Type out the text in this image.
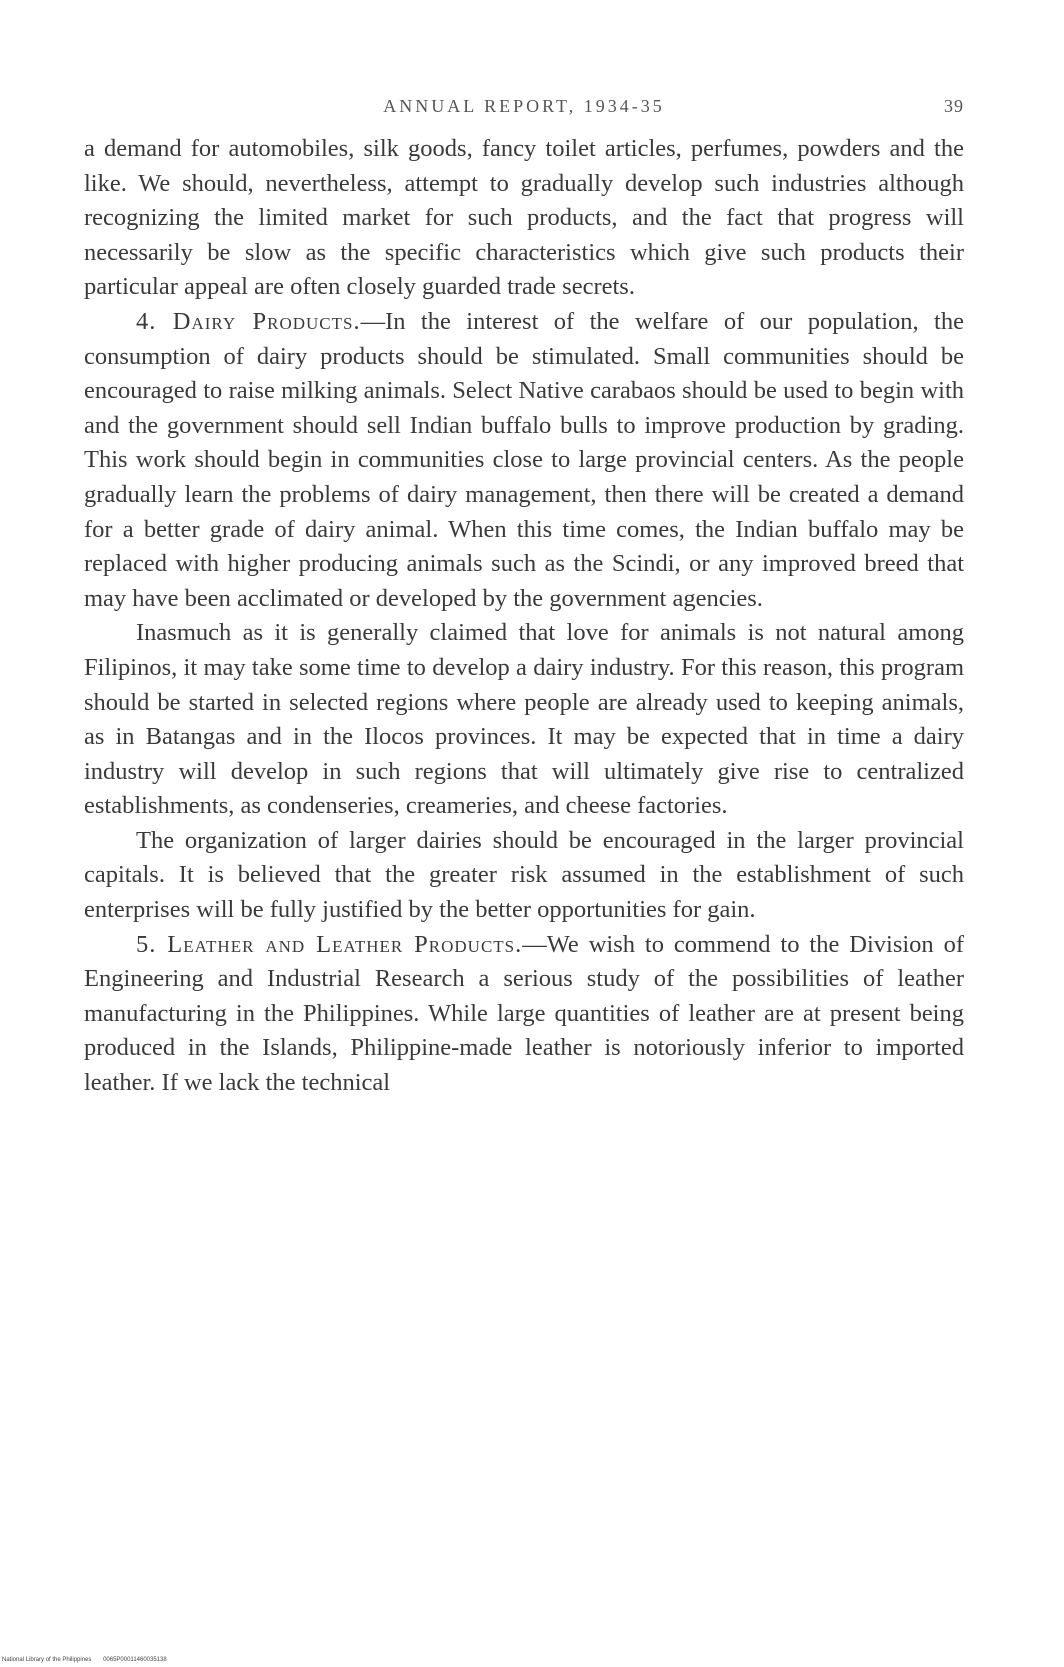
ANNUAL REPORT, 1934-35	39

a demand for automobiles, silk goods, fancy toilet articles, perfumes, powders and the like. We should, nevertheless, attempt to gradually develop such industries although recognizing the limited market for such products, and the fact that progress will necessarily be slow as the specific characteristics which give such products their particular appeal are often closely guarded trade secrets.

4. Dairy Products.—In the interest of the welfare of our population, the consumption of dairy products should be stimulated. Small communities should be encouraged to raise milking animals. Select Native carabaos should be used to begin with and the government should sell Indian buffalo bulls to improve production by grading. This work should begin in communities close to large provincial centers. As the people gradually learn the problems of dairy management, then there will be created a demand for a better grade of dairy animal. When this time comes, the Indian buffalo may be replaced with higher producing animals such as the Scindi, or any improved breed that may have been acclimated or developed by the government agencies.

Inasmuch as it is generally claimed that love for animals is not natural among Filipinos, it may take some time to develop a dairy industry. For this reason, this program should be started in selected regions where people are already used to keeping animals, as in Batangas and in the Ilocos provinces. It may be expected that in time a dairy industry will develop in such regions that will ultimately give rise to centralized establishments, as condenseries, creameries, and cheese factories.

The organization of larger dairies should be encouraged in the larger provincial capitals. It is believed that the greater risk assumed in the establishment of such enterprises will be fully justified by the better opportunities for gain.

5. Leather and Leather Products.—We wish to commend to the Division of Engineering and Industrial Research a serious study of the possibilities of leather manufacturing in the Philippines. While large quantities of leather are at present being produced in the Islands, Philippine-made leather is notoriously inferior to imported leather. If we lack the technical

National Library of the Philippines 0065P00011460035138
